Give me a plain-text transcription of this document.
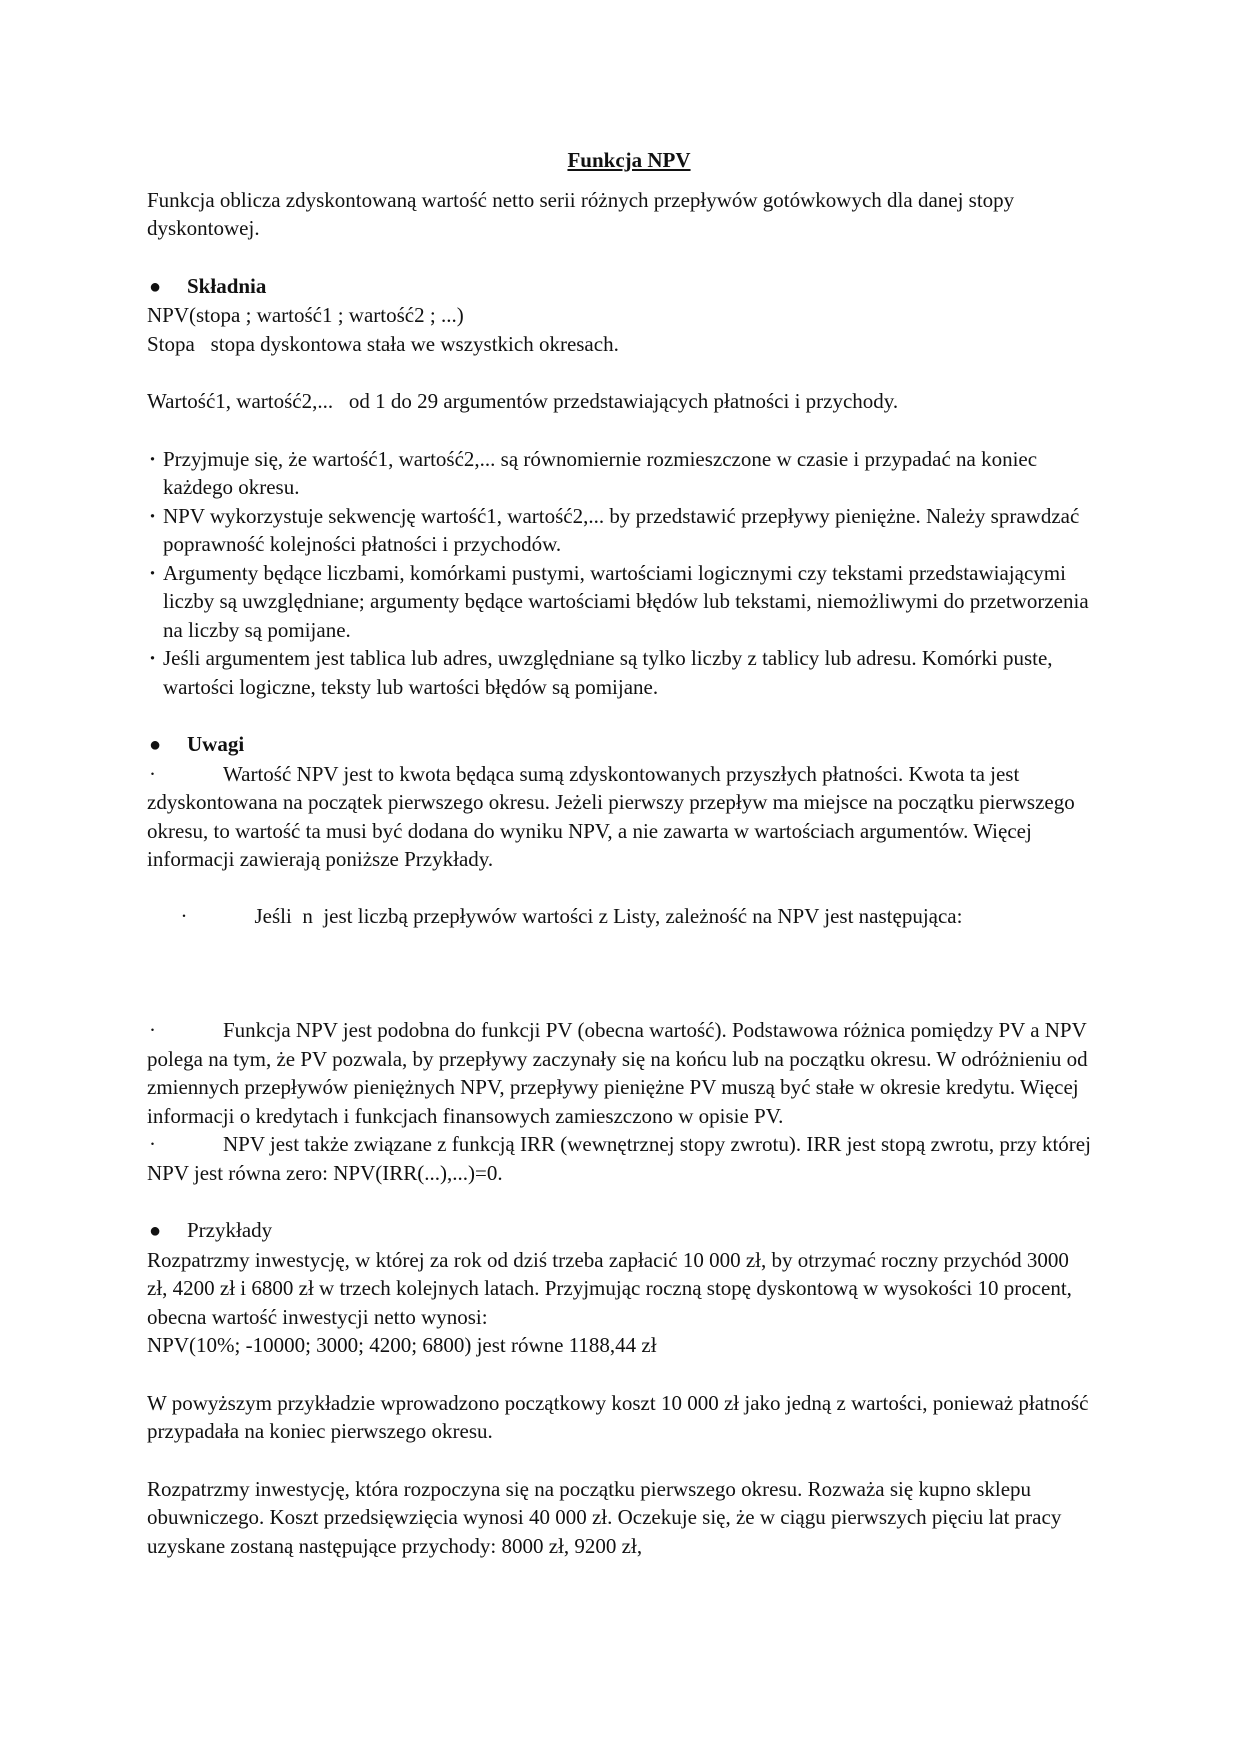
Funkcja NPV

Funkcja oblicza zdyskontowaną wartość netto serii różnych przepływów gotówkowych dla danej stopy dyskontowej.

●	Składnia

NPV(stopa ; wartość1 ; wartość2 ; ...)

Stopa   stopa dyskontowa stała we wszystkich okresach.

Wartość1, wartość2,...   od 1 do 29 argumentów przedstawiających płatności i przychody.

· Przyjmuje się, że wartość1, wartość2,... są równomiernie rozmieszczone w czasie i przypadać na koniec każdego okresu.
· NPV wykorzystuje sekwencję wartość1, wartość2,... by przedstawić przepływy pieniężne. Należy sprawdzać poprawność kolejności płatności i przychodów.
· Argumenty będące liczbami, komórkami pustymi, wartościami logicznymi czy tekstami przedstawiającymi liczby są uwzględniane; argumenty będące wartościami błędów lub tekstami, niemożliwymi do przetworzenia na liczby są pomijane.
· Jeśli argumentem jest tablica lub adres, uwzględniane są tylko liczby z tablicy lub adresu. Komórki puste, wartości logiczne, teksty lub wartości błędów są pomijane.
●	Uwagi

·	Wartość NPV jest to kwota będąca sumą zdyskontowanych przyszłych płatności. Kwota ta jest zdyskontowana na początek pierwszego okresu. Jeżeli pierwszy przepływ ma miejsce na początku pierwszego okresu, to wartość ta musi być dodana do wyniku NPV, a nie zawarta w wartościach argumentów. Więcej informacji zawierają poniższe Przykłady.

·	Jeśli  n  jest liczbą przepływów wartości z Listy, zależność na NPV jest następująca:

·	Funkcja NPV jest podobna do funkcji PV (obecna wartość). Podstawowa różnica pomiędzy PV a NPV polega na tym, że PV pozwala, by przepływy zaczynały się na końcu lub na początku okresu. W odróżnieniu od zmiennych przepływów pieniężnych NPV, przepływy pieniężne PV muszą być stałe w okresie kredytu. Więcej informacji o kredytach i funkcjach finansowych zamieszczono w opisie PV.

·	NPV jest także związane z funkcją IRR (wewnętrznej stopy zwrotu). IRR jest stopą zwrotu, przy której NPV jest równa zero: NPV(IRR(...),...)=0.

●	Przykłady

Rozpatrzmy inwestycję, w której za rok od dziś trzeba zapłacić 10 000 zł, by otrzymać roczny przychód 3000 zł, 4200 zł i 6800 zł w trzech kolejnych latach. Przyjmując roczną stopę dyskontową w wysokości 10 procent, obecna wartość inwestycji netto wynosi:

NPV(10%; -10000; 3000; 4200; 6800) jest równe 1188,44 zł

W powyższym przykładzie wprowadzono początkowy koszt 10 000 zł jako jedną z wartości, ponieważ płatność przypadała na koniec pierwszego okresu.

Rozpatrzmy inwestycję, która rozpoczyna się na początku pierwszego okresu. Rozważa się kupno sklepu obuwniczego. Koszt przedsięwzięcia wynosi 40 000 zł. Oczekuje się, że w ciągu pierwszych pięciu lat pracy uzyskane zostaną następujące przychody: 8000 zł, 9200 zł,
